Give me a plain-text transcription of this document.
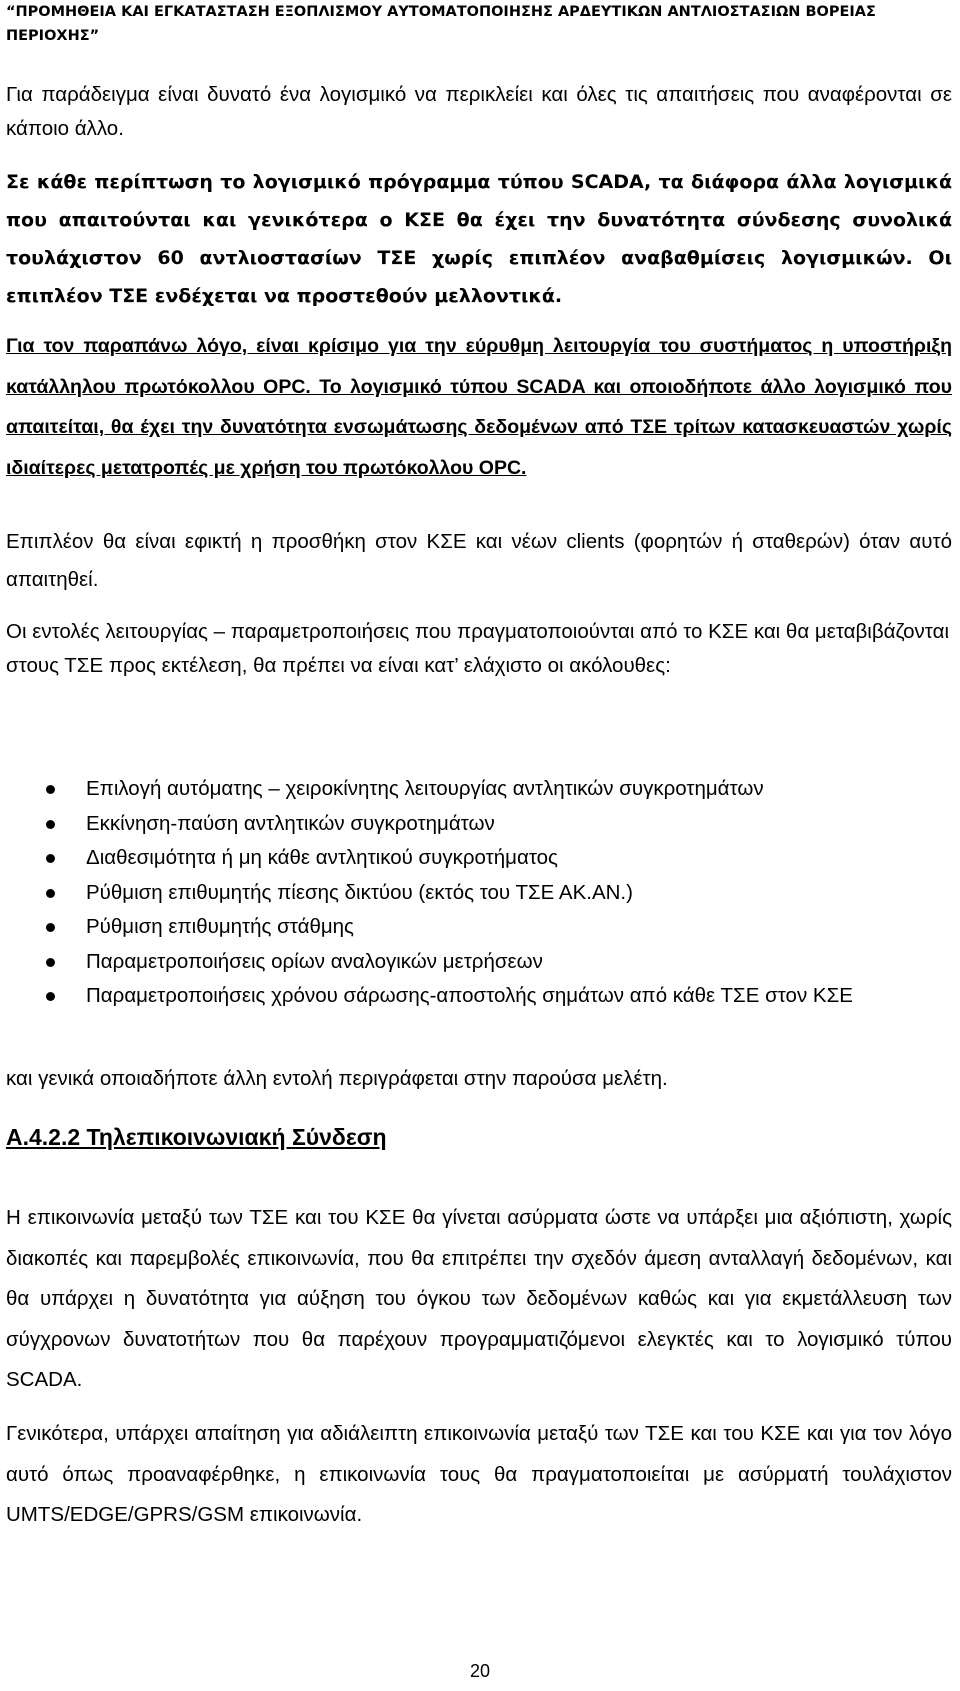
“ΠΡΟΜΗΘΕΙΑ ΚΑΙ ΕΓΚΑΤΑΣΤΑΣΗ ΕΞΟΠΛΙΣΜΟΥ ΑΥΤΟΜΑΤΟΠΟΙΗΣΗΣ ΑΡΔΕΥΤΙΚΩΝ ΑΝΤΛΙΟΣΤΑΣΙΩΝ ΒΟΡΕΙΑΣ
ΠΕΡΙΟΧΗΣ”

Για παράδειγμα είναι δυνατό ένα λογισμικό να περικλείει και όλες τις απαιτήσεις που αναφέρονται σε κάποιο άλλο.

Σε κάθε περίπτωση το λογισμικό πρόγραμμα τύπου SCADA, τα διάφορα άλλα λογισμικά που απαιτούνται και γενικότερα ο ΚΣΕ θα έχει την δυνατότητα σύνδεσης συνολικά τουλάχιστον 60 αντλιοστασίων ΤΣΕ χωρίς επιπλέον αναβαθμίσεις λογισμικών. Οι επιπλέον ΤΣΕ ενδέχεται να προστεθούν μελλοντικά.

Για τον παραπάνω λόγο, είναι κρίσιμο για την εύρυθμη λειτουργία του συστήματος η υποστήριξη κατάλληλου πρωτόκολλου OPC. Το λογισμικό τύπου SCADA και οποιοδήποτε άλλο λογισμικό που απαιτείται, θα έχει την δυνατότητα ενσωμάτωσης δεδομένων από ΤΣΕ τρίτων κατασκευαστών χωρίς ιδιαίτερες μετατροπές με χρήση του πρωτόκολλου OPC.

Επιπλέον θα είναι εφικτή η προσθήκη στον ΚΣΕ και νέων clients (φορητών ή σταθερών) όταν αυτό απαιτηθεί.

Οι εντολές λειτουργίας – παραμετροποιήσεις που πραγματοποιούνται από το ΚΣΕ και θα μεταβιβάζονται στους ΤΣΕ προς εκτέλεση, θα πρέπει να είναι κατ’ ελάχιστο οι ακόλουθες:

Επιλογή αυτόματης – χειροκίνητης λειτουργίας αντλητικών συγκροτημάτων
Εκκίνηση-παύση αντλητικών συγκροτημάτων
Διαθεσιμότητα ή μη κάθε αντλητικού συγκροτήματος
Ρύθμιση επιθυμητής πίεσης δικτύου (εκτός του ΤΣΕ ΑΚ.ΑΝ.)
Ρύθμιση επιθυμητής στάθμης
Παραμετροποιήσεις ορίων αναλογικών μετρήσεων
Παραμετροποιήσεις χρόνου σάρωσης-αποστολής σημάτων από κάθε ΤΣΕ στον ΚΣΕ

και γενικά οποιαδήποτε άλλη εντολή περιγράφεται στην παρούσα μελέτη.

Α.4.2.2 Τηλεπικοινωνιακή Σύνδεση

Η επικοινωνία μεταξύ των ΤΣΕ και του ΚΣΕ θα γίνεται ασύρματα ώστε να υπάρξει μια αξιόπιστη, χωρίς διακοπές και παρεμβολές επικοινωνία, που θα επιτρέπει την σχεδόν άμεση ανταλλαγή δεδομένων, και θα υπάρχει η δυνατότητα για αύξηση του όγκου των δεδομένων καθώς και για εκμετάλλευση των σύγχρονων δυνατοτήτων που θα παρέχουν προγραμματιζόμενοι ελεγκτές και το λογισμικό τύπου SCADA.

Γενικότερα, υπάρχει απαίτηση για αδιάλειπτη επικοινωνία μεταξύ των ΤΣΕ και του ΚΣΕ και για τον λόγο αυτό όπως προαναφέρθηκε, η επικοινωνία τους θα πραγματοποιείται με ασύρματή τουλάχιστον UMTS/EDGE/GPRS/GSM επικοινωνία.

20
